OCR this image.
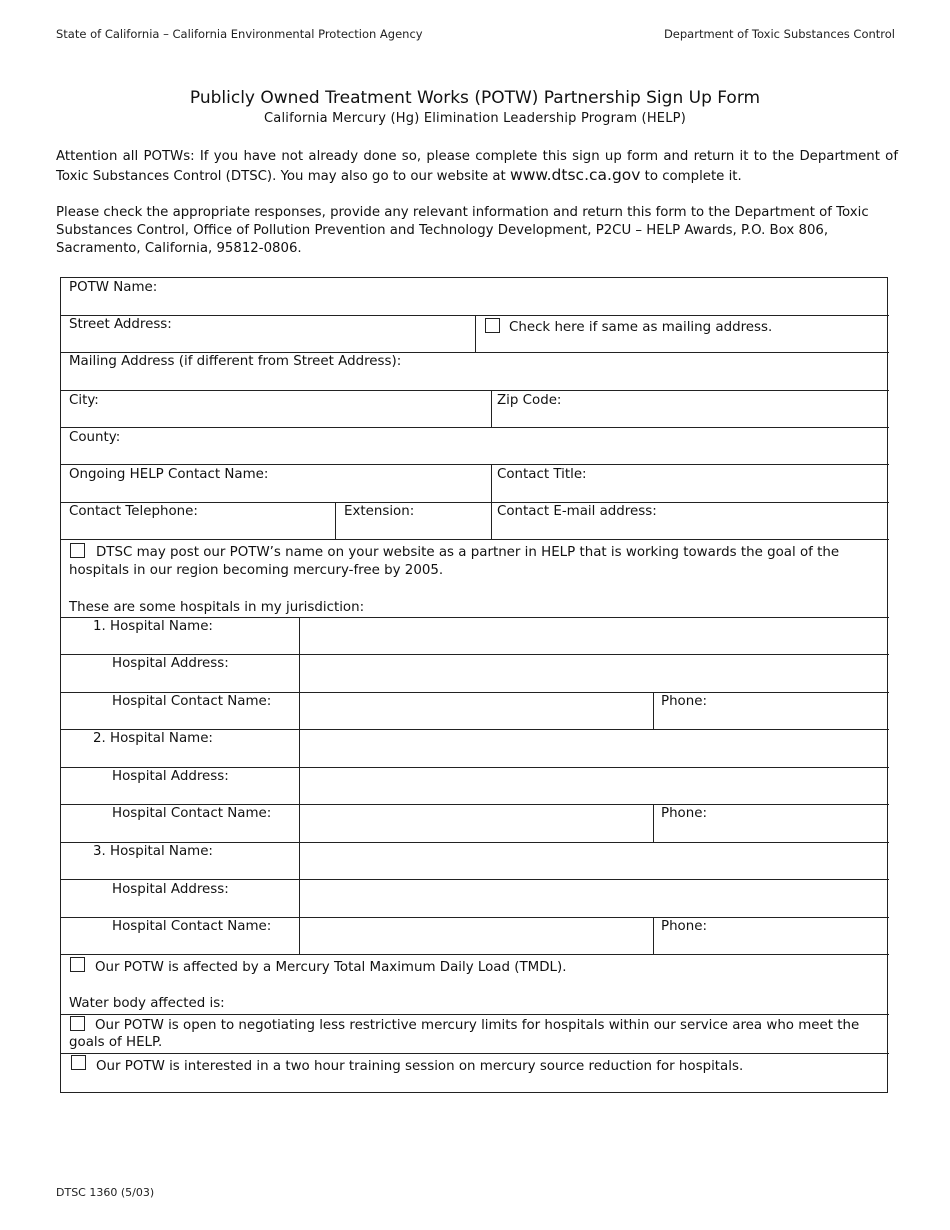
State of California – California Environmental Protection Agency	Department of Toxic Substances Control
Publicly Owned Treatment Works (POTW) Partnership Sign Up Form
California Mercury (Hg) Elimination Leadership Program (HELP)
Attention all POTWs: If you have not already done so, please complete this sign up form and return it to the Department of Toxic Substances Control (DTSC). You may also go to our website at www.dtsc.ca.gov to complete it.
Please check the appropriate responses, provide any relevant information and return this form to the Department of Toxic Substances Control, Office of Pollution Prevention and Technology Development, P2CU – HELP Awards, P.O. Box 806, Sacramento, California, 95812-0806.
POTW Name:
Street Address:	Check here if same as mailing address.
Mailing Address (if different from Street Address):
City:	Zip Code:
County:
Ongoing HELP Contact Name:	Contact Title:
Contact Telephone:	Extension:	Contact E-mail address:
DTSC may post our POTW’s name on your website as a partner in HELP that is working towards the goal of the hospitals in our region becoming mercury-free by 2005.
These are some hospitals in my jurisdiction:
1. Hospital Name:
Hospital Address:
Hospital Contact Name:	Phone:
2. Hospital Name:
Hospital Address:
Hospital Contact Name:	Phone:
3. Hospital Name:
Hospital Address:
Hospital Contact Name:	Phone:
Our POTW is affected by a Mercury Total Maximum Daily Load (TMDL).
Water body affected is:
Our POTW is open to negotiating less restrictive mercury limits for hospitals within our service area who meet the goals of HELP.
Our POTW is interested in a two hour training session on mercury source reduction for hospitals.
DTSC 1360 (5/03)
